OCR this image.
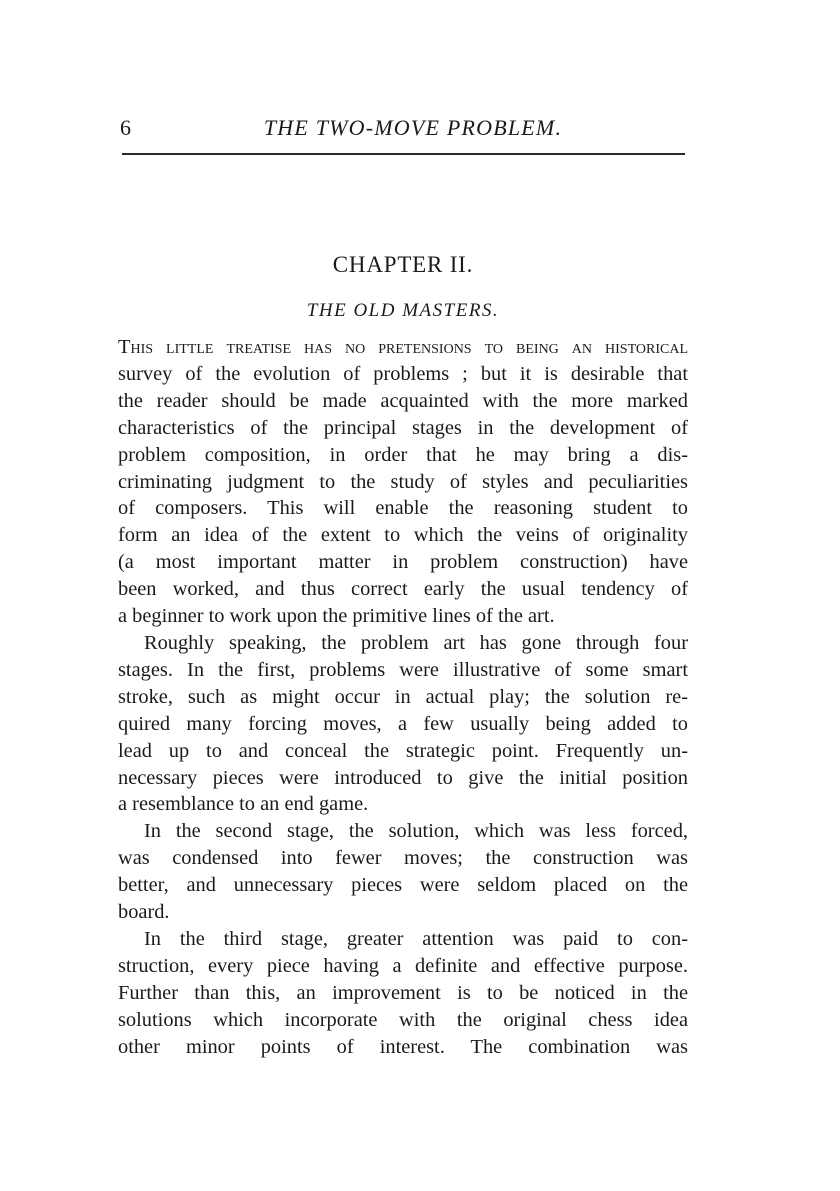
6	THE TWO-MOVE PROBLEM.
CHAPTER II.
THE OLD MASTERS.

This little treatise has no pretensions to being an historical
survey of the evolution of problems ; but it is desirable that
the reader should be made acquainted with the more marked
characteristics of the principal stages in the development of
problem composition, in order that he may bring a dis-
criminating judgment to the study of styles and peculiarities
of composers. This will enable the reasoning student to
form an idea of the extent to which the veins of originality
(a most important matter in problem construction) have
been worked, and thus correct early the usual tendency of
a beginner to work upon the primitive lines of the art.

Roughly speaking, the problem art has gone through four
stages. In the first, problems were illustrative of some smart
stroke, such as might occur in actual play; the solution re-
quired many forcing moves, a few usually being added to
lead up to and conceal the strategic point. Frequently un-
necessary pieces were introduced to give the initial position
a resemblance to an end game.

In the second stage, the solution, which was less forced,
was condensed into fewer moves; the construction was
better, and unnecessary pieces were seldom placed on the
board.

In the third stage, greater attention was paid to con-
struction, every piece having a definite and effective purpose.
Further than this, an improvement is to be noticed in the
solutions which incorporate with the original chess idea
other minor points of interest. The combination was
